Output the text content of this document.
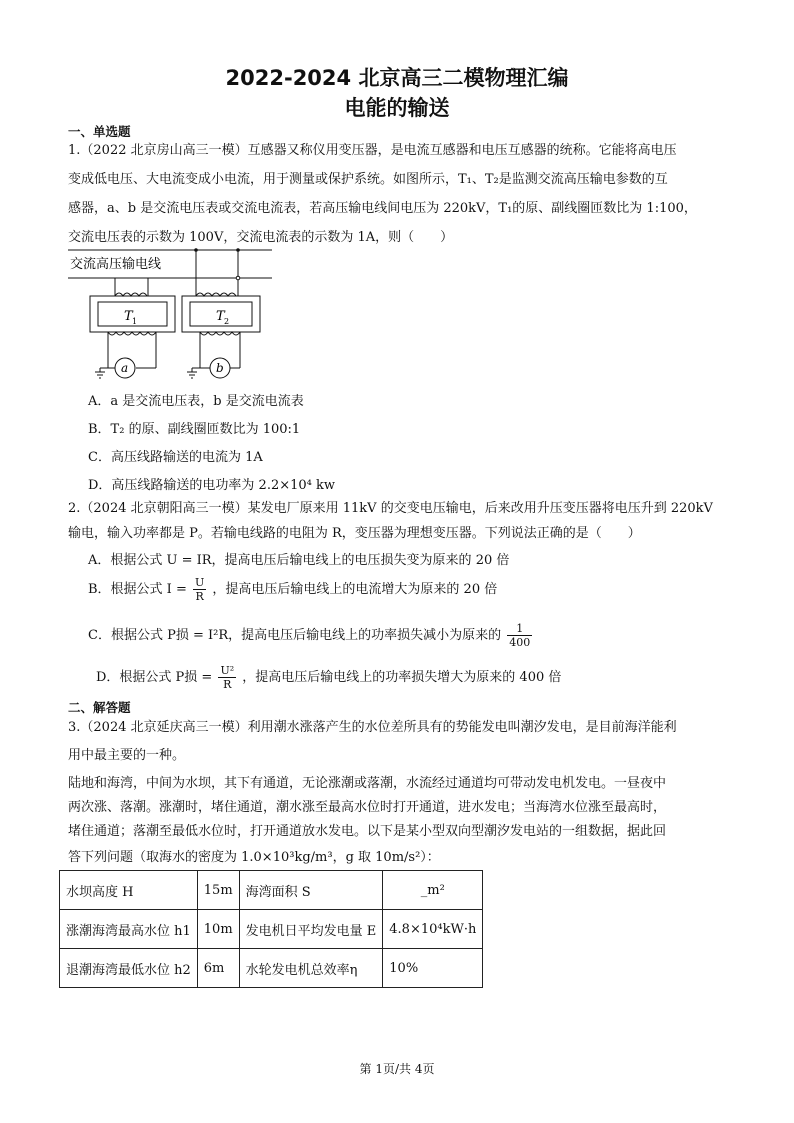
2022-2024 北京高三二模物理汇编
电能的输送
一、单选题
1.（2022 北京房山高三一模）互感器又称仪用变压器，是电流互感器和电压互感器的统称。它能将高电压
变成低电压、大电流变成小电流，用于测量或保护系统。如图所示，T₁、T₂是监测交流高压输电参数的互
感器，a、b 是交流电压表或交流电流表，若高压输电线间电压为 220kV，T₁的原、副线圈匝数比为 1:100，
交流电压表的示数为 100V，交流电流表的示数为 1A，则（　　）
交流高压输电线
T 1
a
T 2
b
A．a 是交流电压表，b 是交流电流表
B．T₂ 的原、副线圈匝数比为 100:1
C．高压线路输送的电流为 1A
D．高压线路输送的电功率为 2.2×10⁴ kw
2.（2024 北京朝阳高三一模）某发电厂原来用 11kV 的交变电压输电，后来改用升压变压器将电压升到 220kV
输电，输入功率都是 P。若输电线路的电阻为 R，变压器为理想变压器。下列说法正确的是（　　）
A．根据公式 U = IR，提高电压后输电线上的电压损失变为原来的 20 倍
B．根据公式 $I = \frac{U}{R}$ ，提高电压后输电线上的电流增大为原来的 20 倍
C．根据公式 P损 = I²R，提高电压后输电线上的功率损失减小为原来的 $\frac{1}{400}$
D．根据公式 P损 = $\frac{\text{U²}}{R}$ ，提高电压后输电线上的功率损失增大为原来的 400 倍
二、解答题
3.（2024 北京延庆高三一模）利用潮水涨落产生的水位差所具有的势能发电叫潮汐发电，是目前海洋能利
用中最主要的一种。
陆地和海湾，中间为水坝，其下有通道，无论涨潮或落潮，水流经过通道均可带动发电机发电。一昼夜中
两次涨、落潮。涨潮时，堵住通道，潮水涨至最高水位时打开通道，进水发电；当海湾水位涨至最高时，
堵住通道；落潮至最低水位时，打开通道放水发电。以下是某小型双向型潮汐发电站的一组数据，据此回
答下列问题（取海水的密度为 1.0×10³kg/m³，g 取 10m/s²）：
水坝高度 H	15m	海湾面积 S	_m²
涨潮海湾最高水位 h1	10m	发电机日平均发电量 E	4.8×10⁴kW·h
退潮海湾最低水位 h2	6m	水轮发电机总效率η	10%
第 1页/共 4页
